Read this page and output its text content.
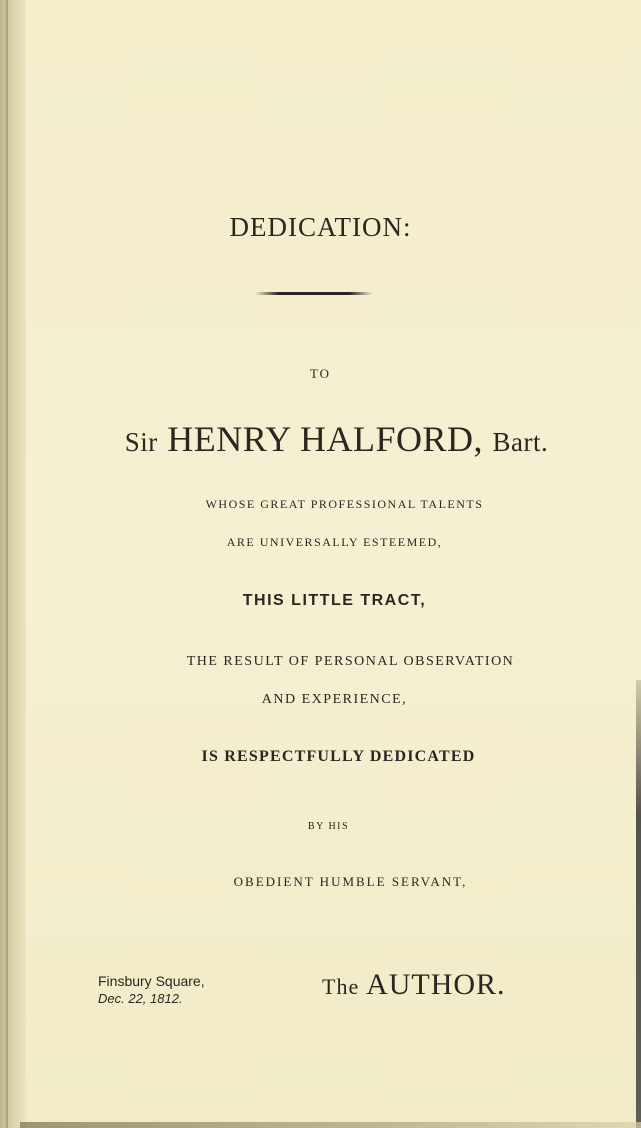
DEDICATION:
TO
Sir HENRY HALFORD, Bart.
WHOSE GREAT PROFESSIONAL TALENTS
ARE UNIVERSALLY ESTEEMED,
THIS LITTLE TRACT,
THE RESULT OF PERSONAL OBSERVATION
AND EXPERIENCE,
IS RESPECTFULLY DEDICATED
BY HIS
OBEDIENT HUMBLE SERVANT,
Finsbury Square,
Dec. 22, 1812.	The AUTHOR.
